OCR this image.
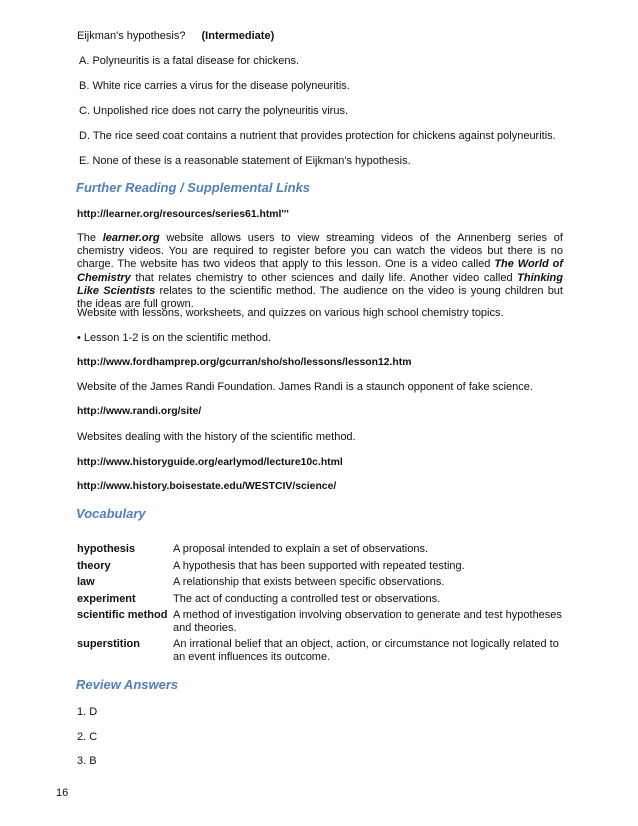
Eijkman's hypothesis? (Intermediate)
A. Polyneuritis is a fatal disease for chickens.
B. White rice carries a virus for the disease polyneuritis.
C. Unpolished rice does not carry the polyneuritis virus.
D. The rice seed coat contains a nutrient that provides protection for chickens against polyneuritis.
E. None of these is a reasonable statement of Eijkman's hypothesis.
Further Reading / Supplemental Links
http://learner.org/resources/series61.html'''
The learner.org website allows users to view streaming videos of the Annenberg series of chemistry videos. You are required to register before you can watch the videos but there is no charge. The website has two videos that apply to this lesson. One is a video called The World of Chemistry that relates chemistry to other sciences and daily life. Another video called Thinking Like Scientists relates to the scientific method. The audience on the video is young children but the ideas are full grown.
Website with lessons, worksheets, and quizzes on various high school chemistry topics.
• Lesson 1-2 is on the scientific method.
http://www.fordhamprep.org/gcurran/sho/sho/lessons/lesson12.htm
Website of the James Randi Foundation. James Randi is a staunch opponent of fake science.
http://www.randi.org/site/
Websites dealing with the history of the scientific method.
http://www.historyguide.org/earlymod/lecture10c.html
http://www.history.boisestate.edu/WESTCIV/science/
Vocabulary
hypothesis	A proposal intended to explain a set of observations.
theory	A hypothesis that has been supported with repeated testing.
law	A relationship that exists between specific observations.
experiment	The act of conducting a controlled test or observations.
scientific method	A method of investigation involving observation to generate and test hypotheses and theories.
superstition	An irrational belief that an object, action, or circumstance not logically related to an event influences its outcome.
Review Answers
1. D
2. C
3. B
16
